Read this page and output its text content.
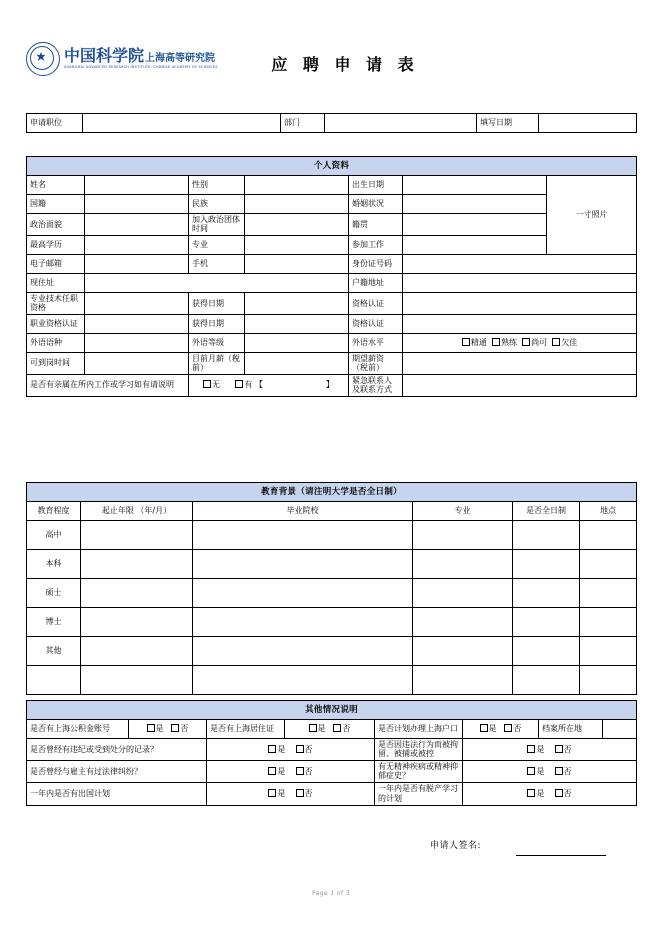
中国科学院 上海高等研究院
SHANGHAI ADVANCED RESEARCH INSTITUTE, CHINESE ACADEMY OF SCIENCES	应 聘 申 请 表
申请职位		部门		填写日期	
个人资料						
姓名		性别		出生日期		一寸照片
国籍		民族		婚姻状况		
政治面貌		加入政治团体时间		籍贯		
最高学历		专业		参加工作		
电子邮箱		手机		身份证号码		
现住址				户籍地址		
专业技术任职资格		获得日期		资格认证		
职业资格认证		获得日期		资格认证		
外语语种		外语等级		外语水平	精通 熟练 尚可 欠佳	
可到岗时间		目前月薪（税前）		期望薪资（税前）		
是否有亲属在所内工作或学习如有请说明		无 有 【 】		紧急联系人及联系方式		
教育背景（请注明大学是否全日制）					
教育程度	起止年限 （年/月）	毕业院校	专业	是否全日制	地点
高中					
本科					
硕士					
博士					
其他					

其他情况说明							
是否有上海公积金账号	是 否	是否有上海居住证	是 否	是否计划办理上海户口	是 否	档案所在地	
是否曾经有违纪或受到处分的记录？		是 否		是否因违法行为而被拘留、被捕或被控	是 否		
是否曾经与雇主有过法律纠纷？		是 否		有无精神疾病或精神抑郁症史？	是 否		
一年内是否有出国计划		是 否		一年内是否有脱产学习的计划	是 否		
申请人签名:
Page 1 of 3
